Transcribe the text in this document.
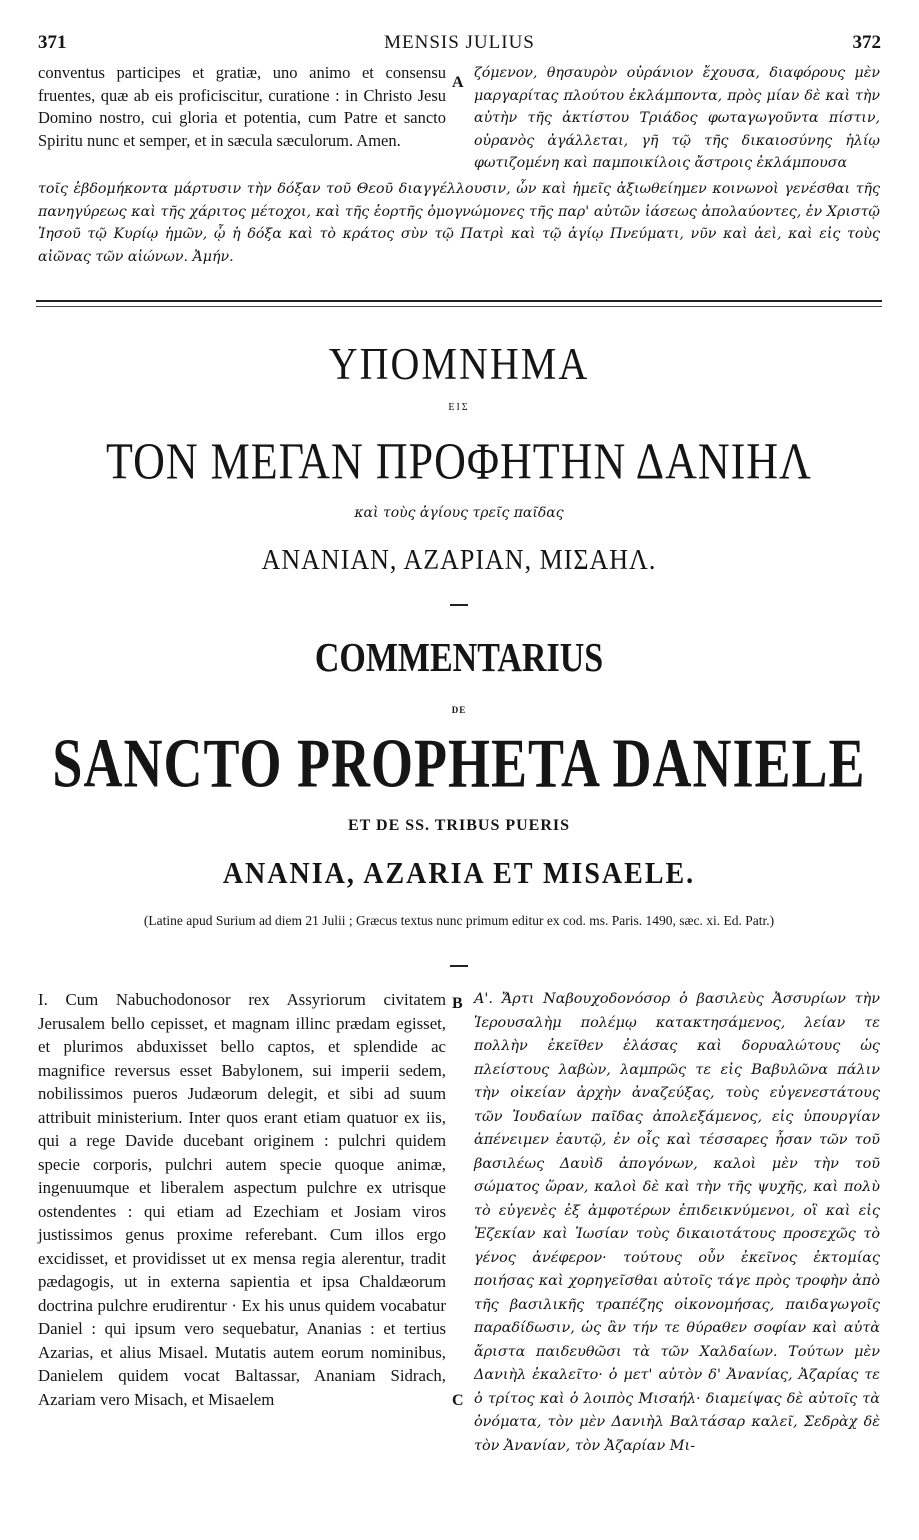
371	MENSIS JULIUS	372

conventus participes et gratiæ, uno animo et consensu fruentes, quæ ab eis proficiscitur, curatione : in Christo Jesu Domino nostro, cui gloria et potentia, cum Patre et sancto Spiritu nunc et semper, et in sæcula sæculorum. Amen.

A

ζόμενον, θησαυρὸν οὐράνιον ἔχουσα, διαφόρους μὲν μαργαρίτας πλούτου ἐκλάμποντα, πρὸς μίαν δὲ καὶ τὴν αὐτὴν τῆς ἀκτίστου Τριάδος φωταγωγοῦντα πίστιν, οὐρανὸς ἀγάλλεται, γῆ τῷ τῆς δικαιοσύνης ἡλίῳ φωτιζομένη καὶ παμποικίλοις ἄστροις ἐκλάμπουσα

τοῖς ἑβδομήκοντα μάρτυσιν τὴν δόξαν τοῦ Θεοῦ διαγγέλλουσιν, ὧν καὶ ἡμεῖς ἀξιωθείημεν κοινωνοὶ γενέσθαι τῆς πανηγύρεως καὶ τῆς χάριτος μέτοχοι, καὶ τῆς ἑορτῆς ὁμογνώμονες τῆς παρ' αὐτῶν ἰάσεως ἀπολαύοντες, ἐν Χριστῷ Ἰησοῦ τῷ Κυρίῳ ἡμῶν, ᾧ ἡ δόξα καὶ τὸ κράτος σὺν τῷ Πατρὶ καὶ τῷ ἁγίῳ Πνεύματι, νῦν καὶ ἀεὶ, καὶ εἰς τοὺς αἰῶνας τῶν αἰώνων. Ἀμήν.

ΥΠΟΜΝΗΜΑ
ΕΙΣ
ΤΟΝ ΜΕΓΑΝ ΠΡΟΦΗΤΗΝ ΔΑΝΙΗΛ
καὶ τοὺς ἁγίους τρεῖς παῖδας
ΑΝΑΝΙΑΝ, ΑΖΑΡΙΑΝ, ΜΙΣΑΗΛ.
COMMENTARIUS
DE
SANCTO PROPHETA DANIELE
ET DE SS. TRIBUS PUERIS
ANANIA, AZARIA ET MISAELE.
(Latine apud Surium ad diem 21 Julii ; Græcus textus nunc primum editur ex cod. ms. Paris. 1490, sæc. xi. Ed. Patr.)

I. Cum Nabuchodonosor rex Assyriorum civitatem Jerusalem bello cepisset, et magnam illinc prædam egisset, et plurimos abduxisset bello captos, et splendide ac magnifice reversus esset Babylonem, sui imperii sedem, nobilissimos pueros Judæorum delegit, et sibi ad suum attribuit ministerium. Inter quos erant etiam quatuor ex iis, qui a rege Davide ducebant originem : pulchri quidem specie corporis, pulchri autem specie quoque animæ, ingenuumque et liberalem aspectum pulchre ex utrisque ostendentes : qui etiam ad Ezechiam et Josiam viros justissimos genus proxime referebant. Cum illos ergo excidisset, et providisset ut ex mensa regia alerentur, tradit pædagogis, ut in externa sapientia et ipsa Chaldæorum doctrina pulchre erudirentur · Ex his unus quidem vocabatur Daniel : qui ipsum vero sequebatur, Ananias : et tertius Azarias, et alius Misael. Mutatis autem eorum nominibus, Danielem quidem vocat Baltassar, Ananiam Sidrach, Azariam vero Misach, et Misaelem

B
C

Α'. Ἄρτι Ναβουχοδονόσορ ὁ βασιλεὺς Ἀσσυρίων τὴν Ἱερουσαλὴμ πολέμῳ κατακτησάμενος, λείαν τε πολλὴν ἐκεῖθεν ἐλάσας καὶ δορυαλώτους ὡς πλείστους λαβὼν, λαμπρῶς τε εἰς Βαβυλῶνα πάλιν τὴν οἰκείαν ἀρχὴν ἀναζεύξας, τοὺς εὐγενεστάτους τῶν Ἰουδαίων παῖδας ἀπολεξάμενος, εἰς ὑπουργίαν ἀπένειμεν ἑαυτῷ, ἐν οἷς καὶ τέσσαρες ἦσαν τῶν τοῦ βασιλέως Δαυὶδ ἀπογόνων, καλοὶ μὲν τὴν τοῦ σώματος ὥραν, καλοὶ δὲ καὶ τὴν τῆς ψυχῆς, καὶ πολὺ τὸ εὐγενὲς ἐξ ἀμφοτέρων ἐπιδεικνύμενοι, οἳ καὶ εἰς Ἐζεκίαν καὶ Ἰωσίαν τοὺς δικαιοτάτους προσεχῶς τὸ γένος ἀνέφερον· τούτους οὖν ἐκεῖνος ἐκτομίας ποιήσας καὶ χορηγεῖσθαι αὐτοῖς τάγε πρὸς τροφὴν ἀπὸ τῆς βασιλικῆς τραπέζης οἰκονομήσας, παιδαγωγοῖς παραδίδωσιν, ὡς ἂν τήν τε θύραθεν σοφίαν καὶ αὐτὰ ἄριστα παιδευθῶσι τὰ τῶν Χαλδαίων. Τούτων μὲν Δανιὴλ ἐκαλεῖτο· ὁ μετ' αὐτὸν δ' Ἀνανίας, Ἀζαρίας τε ὁ τρίτος καὶ ὁ λοιπὸς Μισαήλ· διαμείψας δὲ αὐτοῖς τὰ ὀνόματα, τὸν μὲν Δανιὴλ Βαλτάσαρ καλεῖ, Σεδρὰχ δὲ τὸν Ἀνανίαν, τὸν Ἀζαρίαν Μι-
